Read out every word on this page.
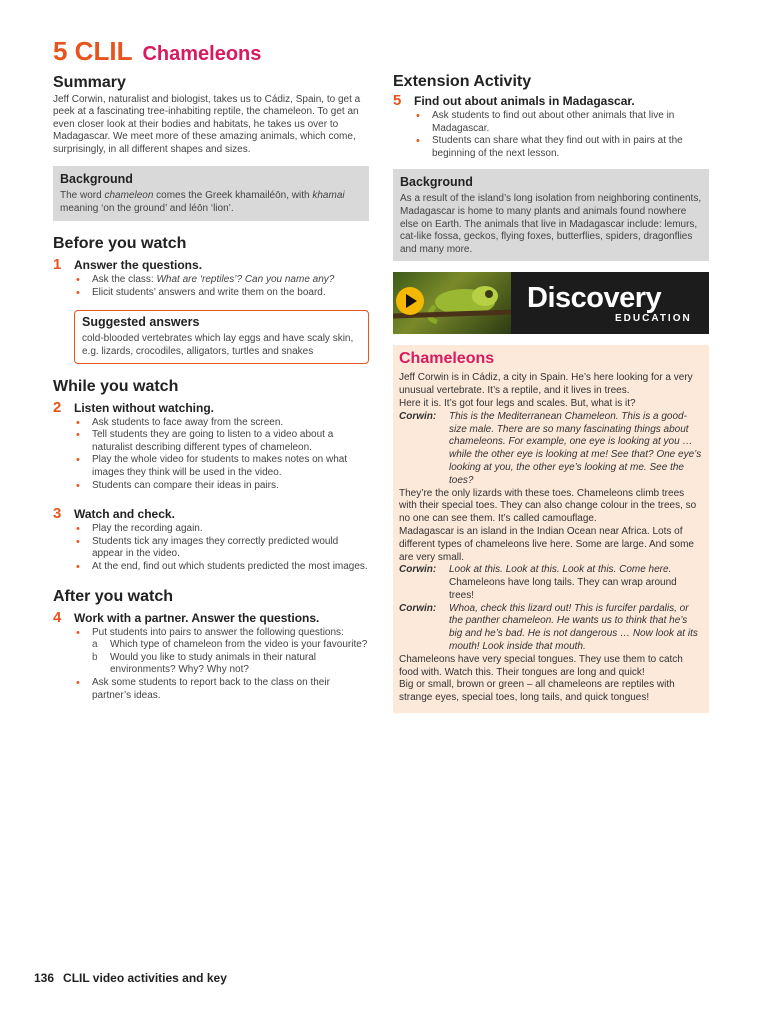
5 CLIL Chameleons
Summary

Jeff Corwin, naturalist and biologist, takes us to Cádiz, Spain, to get a peek at a fascinating tree-inhabiting reptile, the chameleon. To get an even closer look at their bodies and habitats, he takes us over to Madagascar. We meet more of these amazing animals, which come, surprisingly, in all different shapes and sizes.

Background

The word chameleon comes the Greek khamailéōn, with khamai meaning ‘on the ground’ and léōn ‘lion’.

Before you watch
1	Answer the questions.
• Ask the class: What are ‘reptiles’? Can you name any?
• Elicit students’ answers and write them on the board.
Suggested answers

cold-blooded vertebrates which lay eggs and have scaly skin, e.g. lizards, crocodiles, alligators, turtles and snakes

While you watch
2	Listen without watching.
• Ask students to face away from the screen.
• Tell students they are going to listen to a video about a naturalist describing different types of chameleon.
• Play the whole video for students to makes notes on what images they think will be used in the video.
• Students can compare their ideas in pairs.
3	Watch and check.
• Play the recording again.
• Students tick any images they correctly predicted would appear in the video.
• At the end, find out which students predicted the most images.
After you watch
4	Work with a partner. Answer the questions.
• Put students into pairs to answer the following questions:
a Which type of chameleon from the video is your favourite?
b Would you like to study animals in their natural environments? Why? Why not?
• Ask some students to report back to the class on their partner’s ideas.
Extension Activity
5	Find out about animals in Madagascar.
• Ask students to find out about other animals that live in Madagascar.
• Students can share what they find out with in pairs at the beginning of the next lesson.
Background

As a result of the island’s long isolation from neighboring continents, Madagascar is home to many plants and animals found nowhere else on Earth. The animals that live in Madagascar include: lemurs, cat-like fossa, geckos, flying foxes, butterflies, spiders, dragonflies and many more.

Discovery
EDUCATION
Chameleons

Jeff Corwin is in Cádiz, a city in Spain. He’s here looking for a very unusual vertebrate. It’s a reptile, and it lives in trees.

Here it is. It’s got four legs and scales. But, what is it?

Corwin:	This is the Mediterranean Chameleon. This is a good-size male. There are so many fascinating things about chameleons. For example, one eye is looking at you … while the other eye is looking at me! See that? One eye’s looking at you, the other eye’s looking at me. See the toes?

They’re the only lizards with these toes. Chameleons climb trees with their special toes. They can also change colour in the trees, so no one can see them. It’s called camouflage.

Madagascar is an island in the Indian Ocean near Africa. Lots of different types of chameleons live here. Some are large. And some are very small.

Corwin:	Look at this. Look at this. Look at this. Come here.
Chameleons have long tails. They can wrap around trees!

Corwin:	Whoa, check this lizard out! This is furcifer pardalis, or the panther chameleon. He wants us to think that he’s big and he’s bad. He is not dangerous … Now look at its mouth! Look inside that mouth.

Chameleons have very special tongues. They use them to catch food with. Watch this. Their tongues are long and quick!

Big or small, brown or green – all chameleons are reptiles with strange eyes, special toes, long tails, and quick tongues!

136 CLIL video activities and key
